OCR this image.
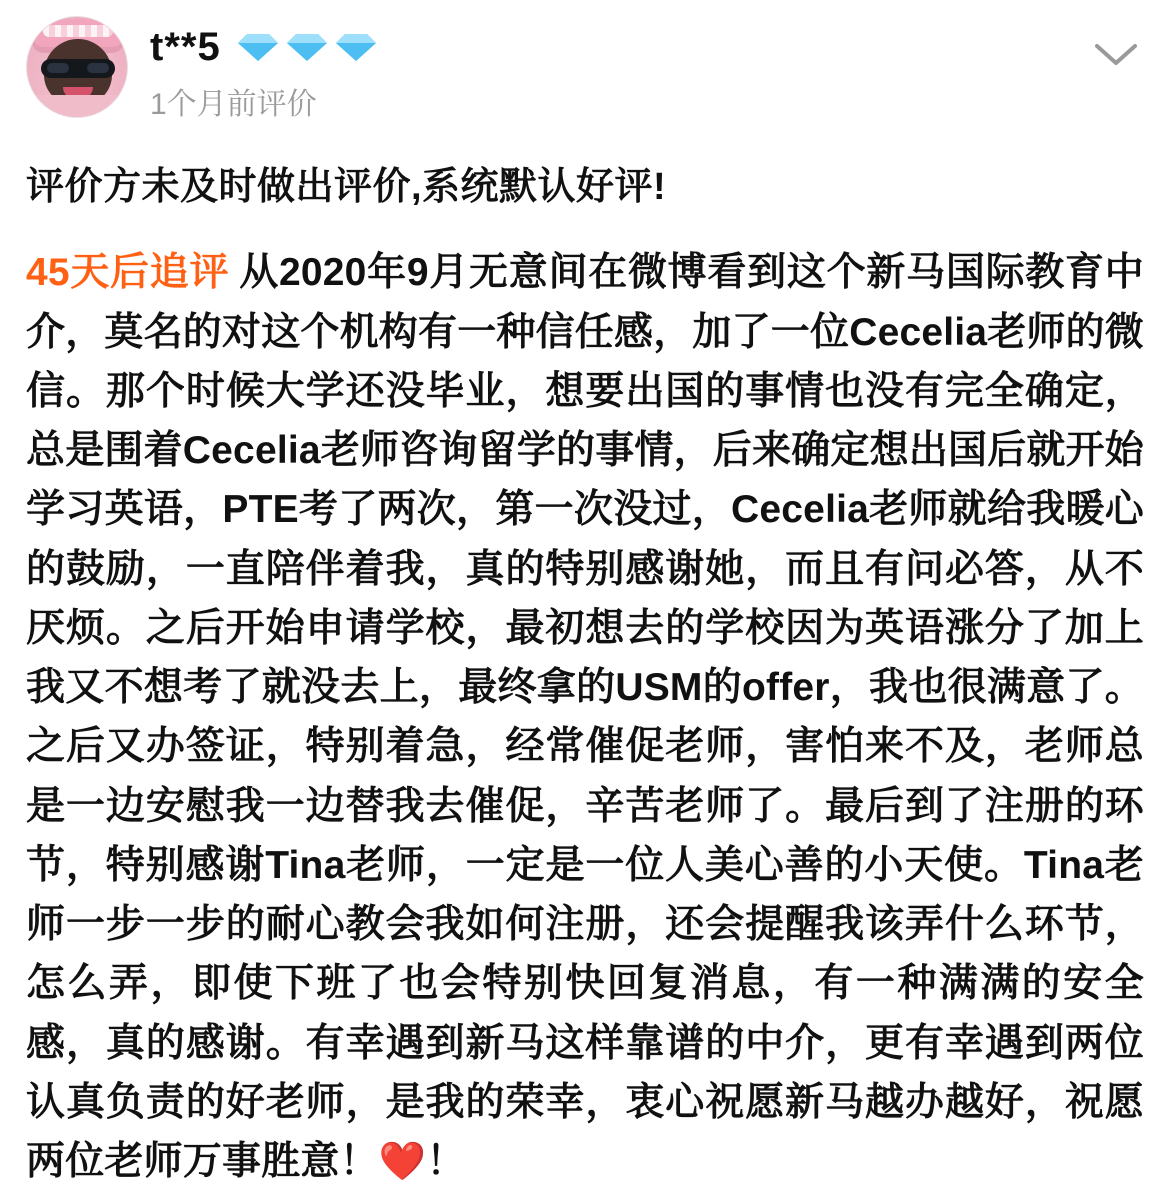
t**5
1个月前评价
评价方未及时做出评价,系统默认好评!
45天后追评 从2020年9月无意间在微博看到这个新马国际教育中介，莫名的对这个机构有一种信任感，加了一位Cecelia老师的微信。那个时候大学还没毕业，想要出国的事情也没有完全确定，总是围着Cecelia老师咨询留学的事情，后来确定想出国后就开始学习英语，PTE考了两次，第一次没过，Cecelia老师就给我暖心的鼓励，一直陪伴着我，真的特别感谢她，而且有问必答，从不厌烦。之后开始申请学校，最初想去的学校因为英语涨分了加上我又不想考了就没去上，最终拿的USM的offer，我也很满意了。之后又办签证，特别着急，经常催促老师，害怕来不及，老师总是一边安慰我一边替我去催促，辛苦老师了。最后到了注册的环节，特别感谢Tina老师，一定是一位人美心善的小天使。Tina老师一步一步的耐心教会我如何注册，还会提醒我该弄什么环节，怎么弄，即使下班了也会特别快回复消息，有一种满满的安全感，真的感谢。有幸遇到新马这样靠谱的中介，更有幸遇到两位认真负责的好老师，是我的荣幸，衷心祝愿新马越办越好，祝愿两位老师万事胜意！❤️！
